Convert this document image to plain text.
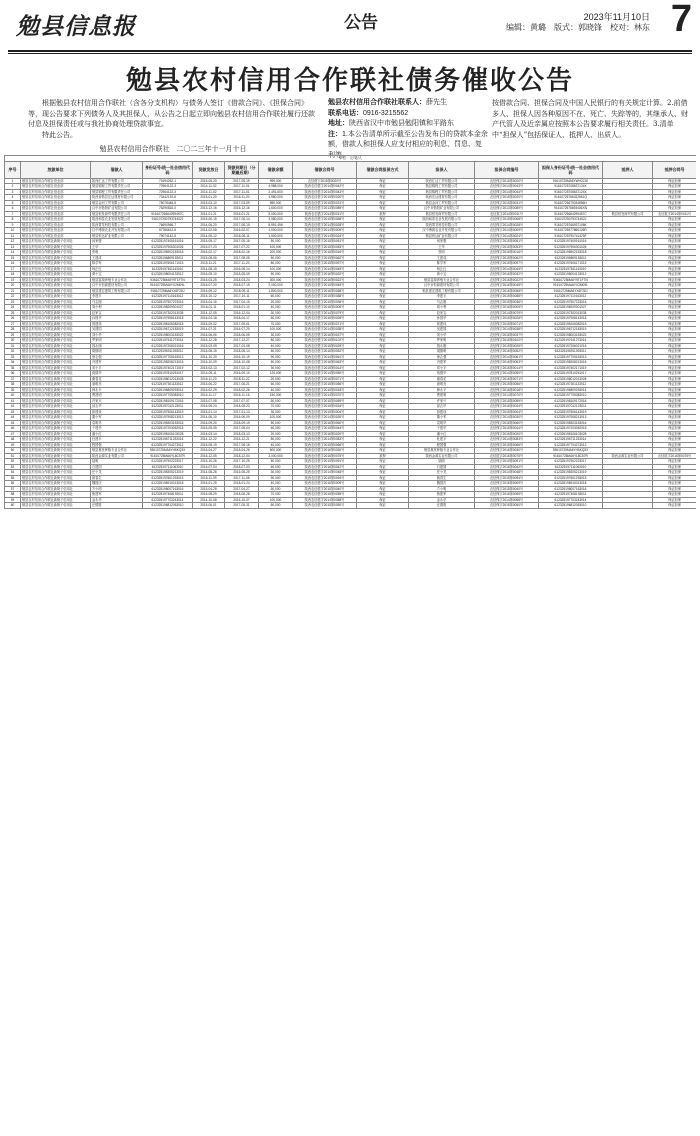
勉县信息报	公告	2023年11月10日
编辑：黄璐　版式：郭晓锋　校对：林东 7
勉县农村信用合作联社债务催收公告

根据勉县农村信用合作联社（含各分支机构）与债务人签订《借款合同》、《担保合同》等，现公告要求下列债务人及其担保人，从公告之日起立即向勉县农村信用合作联社履行还款付息及担保责任或与我社协商处理贷款事宜。

特此公告。

勉县农村信用合作联社　二〇二三年十一月十日

勉县农村信用合作联社联系人：薛先生
联系电话：0916-3215562
地址：陕西省汉中市勉县勉阳镇和平路东
注：1.本公告清单所示截至公告发布日的贷款本金余额，借款人和担保人应支付相应的利息、罚息、复利等。
按借款合同、担保合同及中国人民银行的有关规定计算。2.前借多人、担保人因各种原因不在、死亡、失踪等的，其继承人、财产代管人及近亲属应按照本公告要求履行相关责任。3.清单中“担保人”包括保证人、抵押人、出质人。
单位：元/笔/人													
序号	放款单位	借款人	身份证号/统一社会信用代码	贷款发放日	贷款到期日（分期最后期）	借款余额	借款合同号	借款合同担保方式	担保人	担保合同编号	担保人身份证号/统一社会信用代码	抵押人	抵押合同号
1	勉县农村信用合作联社营业部	陕西汇达工贸有限公司	71694262-1	2015-05-20	2017-05-19	999,000	农信借字2015第0020号	保证	陕西汇达工贸有限公司	农信保字2015第0020号	91610725MA6YWH2J1K		保证担保
2	勉县农村信用合作联社营业部	勉县锦程工贸有限责任公司	72964122-3	2014-11-02	2017-11-01	4,988,000	陕西农信借字2014第0042号	保证	勉县锦程工贸有限公司	农信保字2014第0043号	91610725708637124X		保证担保
3	勉县农村信用合作联社营业部	勉县锦程工贸有限责任公司	72964122-3	2014-11-02	2017-11-01	2,491,600	陕西农信借字2014第0043号	保证	勉县锦程工贸有限公司	农信保字2014第0044号	91610725708637124X		保证担保
4	勉县农村信用合作联社营业部	陕西省勉县宏达建材有限公司	73442132-6	2015-01-20	2016-11-20	1,980,000	陕西农信借字2015第0020号	保证	陕西宏达建材有限公司	农信保字2015第0020号	91610725766322561Q		保证担保
5	勉县农村信用合作联社营业部	勉县金河工贸有限公司	75078446-5	2015-03-10	2017-03-09	980,000	陕西农信借字2015第0031号	保证	勉县金河工贸有限公司	农信保字2015第0031号	91610725670034856H		保证担保
6	勉县农村信用合作联社营业部	汉中市勉阳矿业有限公司	76290816-0	2013-12-16	2016-12-16	1,600,000	陕西农信借字2013第0089号	保证	汉中市勉阳矿业有限公司	农信保字2013第0089号	9161072578693406XN		保证担保
7	勉县农村信用合作联社营业部	勉县恒发商贸有限责任公司	91610725664299457C	2014-01-21	2016-01-21	5,000,000	陕西农信借字2014第0011号	抵押	勉县恒发商贸有限公司	农信抵字2014第0011号	91610725664299457C	勉县恒发商贸有限公司	农信抵字2014第0011号
8	勉县农村信用合作联社营业部	陕西和泰农业发展有限公司	91610725079374402J	2015-06-15	2017-06-14	3,980,000	陕西农信借字2015第0068号	保证	陕西和泰农业发展有限公司	农信保字2015第0068号	91610725079374402J		保证担保
9	勉县农村信用合作联社营业部	陕西菁龙科技有限公司	76690966-7	2014-06-20	2017-06-19	8,991,496	陕西农信借字2014第0028号	保证	陕西菁龙科技有限公司	农信保字2014第0028号	91610725766937106K		保证担保
10	勉县农村信用合作联社营业部	汉中博源农业开发有限公司	57786612-6	2014-02-08	2016-02-07	1,000,000	陕西农信借字2014第0009号	保证	汉中博源农业开发有限公司	农信保字2014第0009号	91610725577866126R		保证担保
11	勉县农村信用合作联社营业部	勉县恒达矿业有限公司	79074142-5	2014-05-12	2016-05-11	1,500,000	陕西农信借字2014第0024号	保证	勉县恒达矿业有限公司	农信保字2014第0024号	91610725790741425F		保证担保
12	勉县农村信用合作联社新街子信用社	何家骏	612325197405161016	2015-05-17	2017-05-16	50,000	陕西农信借字2015第0051号	保证	何家骏	农信保字2015第0051号	612325197405161016		保证担保
13	勉县农村信用合作联社新街子信用社	王华	612325197906301026	2015-07-23	2017-07-22	100,000	陕西农信借字2015第0053号	保证	王华	农信保字2015第0053号	612325197906301026		保证担保
14	勉县农村信用合作联社新街子信用社	张明	612325196902153018	2016-02-17	2018-02-16	200,000	陕西农信借字2016第0016号	保证	张明	农信保字2016第0016号	612325196902153018		保证担保
15	勉县农村信用合作联社新街子信用社	王建成	612325196809153011	2015-08-06	2017-08-05	50,000	陕西农信借字2015第0062号	保证	王建成	农信保字2015第0062号	612325196809153011		保证担保
16	勉县农村信用合作联社新街子信用社	陈学军	612325197606171015	2015-11-21	2017-11-20	80,000	陕西农信借字2015第0097号	保证	陈学军	农信保字2015第0097号	612325197606171015		保证担保
17	勉县农村信用合作联社新街子信用社	杨正红	612325197811143010	2014-08-15	2016-08-14	100,000	陕西农信借字2014第0045号	保证	杨正红	农信保字2014第0045号	612325197811143010		保证担保
18	勉县农村信用合作联社新街子信用社	黄小宝	612325198004133012	2016-05-10	2018-05-09	50,000	陕西农信借字2016第0032号	保证	黄小宝	农信保字2016第0032号	612325198004133012		保证担保
19	勉县农村信用合作联社新街子信用社	勉县富源养殖专业合作社	93610725MA6Y9T1F7N	2016-03-25	2018-03-24	300,000	陕西农信借字2016第0022号	保证	勉县富源养殖专业合作社	农信保字2016第0022号	93610725MA6Y9T1F7N		保证担保
20	勉县农村信用合作联社新街子信用社	汉中市恒源建材有限公司	91610725MA6YX2M09L	2016-07-20	2018-07-19	2,000,000	陕西农信借字2016第0045号	保证	汉中市恒源建材有限公司	农信保字2016第0045号	91610725MA6YX2M09L		保证担保
21	勉县农村信用合作联社新街子信用社	勉县建宏建筑工程有限公司	91610725MA6YX6F28J	2016-09-12	2018-09-11	1,800,000	陕西农信借字2016第0058号	保证	勉县建宏建筑工程有限公司	农信保字2016第0058号	91610725MA6YX6F28J		保证担保
22	勉县农村信用合作联社新街子信用社	李建平	612325197110163012	2015-10-12	2017-10-11	60,000	陕西农信借字2015第0088号	保证	李建平	农信保字2015第0088号	612325197110163012		保证担保
23	勉县农村信用合作联社新街子信用社	马志刚	612325197507223016	2015-04-16	2017-04-15	20,000	陕西农信借字2015第0036号	保证	马志刚	农信保字2015第0036号	612325197507223016		保证担保
24	勉县农村信用合作联社新街子信用社	周小利	612325198209301027	2016-01-11	2018-01-10	40,000	陕西农信借字2016第0005号	保证	周小利	农信保字2016第0005号	612325198209301027		保证担保
25	勉县农村信用合作联社新街子信用社	赵家宝	612325197302013035	2014-12-05	2016-12-04	30,000	陕西农信借字2014第0079号	保证	赵家宝	农信保字2014第0079号	612325197302013035		保证担保
26	勉县农村信用合作联社新街子信用社	孙国华	612325197908143018	2016-04-18	2018-04-17	50,000	陕西农信借字2016第0028号	保证	孙国华	农信保字2016第0028号	612325197908143018		保证担保
27	勉县农村信用合作联社新街子信用社	郭建伟	612325198106082015	2015-09-02	2017-09-01	70,000	陕西农信借字2015第0071号	保证	郭建伟	农信保字2015第0071号	612325198106082015		保证担保
28	勉县农村信用合作联社新街子信用社	吴建国	612325196712183019	2014-07-21	2016-07-20	100,000	陕西农信借字2014第0038号	保证	吴建国	农信保字2014第0038号	612325196712183019		保证担保
29	勉县农村信用合作联社新街子信用社	刘小华	612325198003153022	2016-06-06	2018-06-05	30,000	陕西农信借字2016第0037号	保证	刘小华	农信保字2016第0037号	612325198003153022		保证担保
30	勉县农村信用合作联社新街子信用社	罗家明	612325197611273014	2015-12-28	2017-12-27	80,000	陕西农信借字2015第0102号	保证	罗家明	农信保字2015第0102号	612325197611273014		保证担保
31	勉县农村信用合作联社新街子信用社	钱永刚	612325197206021016	2015-03-09	2017-03-08	40,000	陕西农信借字2015第0025号	保证	钱永刚	农信保字2015第0025号	612325197206021016		保证担保
32	勉县农村信用合作联社新街子信用社	胡德明	612325196911093011	2016-08-15	2018-08-14	60,000	陕西农信借字2016第0052号	保证	胡德明	农信保字2016第0052号	612325196911093011		保证担保
33	勉县农村信用合作联社新街子信用社	徐志强	612325197705163013	2014-10-20	2016-10-19	90,000	陕西农信借字2014第0061号	保证	徐志强	农信保字2014第0061号	612325197705163013		保证担保
34	勉县农村信用合作联社新街子信用社	冯建军	612325198208213016	2016-10-09	2018-10-08	50,000	陕西农信借字2016第0063号	保证	冯建军	农信保字2016第0063号	612325198208213016		保证担保
35	勉县农村信用合作联社新街子信用社	邓小平	612325197402171019	2015-02-13	2017-02-12	30,000	陕西农信借字2015第0014号	保证	邓小平	农信保字2015第0014号	612325197402171019		保证担保
36	勉县农村信用合作联社新街子信用社	蒋德华	612325197810251017	2014-09-11	2016-09-10	120,000	陕西农信借字2014第0050号	保证	蒋德华	农信保字2014第0050号	612325197810251017		保证担保
37	勉县农村信用合作联社新街子信用社	谢春花	612325198012013028	2016-11-23	2018-11-22	20,000	陕西农信借字2016第0071号	保证	谢春花	农信保字2016第0071号	612325198012013028		保证担保
38	勉县农村信用合作联社新街子信用社	唐明亮	612325197301133012	2015-06-22	2017-06-21	60,000	陕西农信借字2015第0056号	保证	唐明亮	农信保字2015第0056号	612325197301133012		保证担保
39	勉县农村信用合作联社新街子信用社	韩永平	612325196809293014	2016-02-29	2018-02-28	40,000	陕西农信借字2016第0018号	保证	韩永平	农信保字2016第0018号	612325196809293014		保证担保
40	勉县农村信用合作联社新街子信用社	曹建明	612325197705083010	2014-11-17	2016-11-16	150,000	陕西农信借字2014第0070号	保证	曹建明	农信保字2014第0070号	612325197705083010		保证担保
41	勉县农村信用合作联社新街子信用社	许家兴	612325198109172016	2015-07-08	2017-07-07	50,000	陕西农信借字2015第0059号	保证	许家兴	农信保字2015第0059号	612325198109172016		保证担保
42	勉县农村信用合作联社新街子信用社	邱志华	612325197012123011	2016-05-24	2018-05-23	70,000	陕西农信借字2016第0034号	保证	邱志华	农信保字2016第0034号	612325197012123011		保证担保
43	勉县农村信用合作联社新街子信用社	彭建设	612325197506143019	2015-01-14	2017-01-13	30,000	陕西农信借字2015第0004号	保证	彭建设	农信保字2015第0004号	612325197506143019		保证担保
44	勉县农村信用合作联社新街子信用社	董小军	612325197908213013	2014-06-10	2016-06-09	100,000	陕西农信借字2014第0030号	保证	董小军	农信保字2014第0030号	612325197908213013		保证担保
45	勉县农村信用合作联社新街子信用社	袁明华	612325198303153016	2016-09-20	2018-09-19	50,000	陕西农信借字2016第0060号	保证	袁明华	农信保字2016第0060号	612325198303153016		保证担保
46	勉县农村信用合作联社新街子信用社	于建华	612325197203052015	2015-05-05	2017-05-04	60,000	陕西农信借字2015第0044号	保证	于建华	农信保字2015第0044号	612325197203052015		保证担保
47	勉县农村信用合作联社新街子信用社	潘小红	612325198106103028	2016-03-14	2018-03-13	20,000	陕西农信借字2016第0020号	保证	潘小红	农信保字2016第0020号	612325198106103028		保证担保
48	勉县农村信用合作联社新街子信用社	杜建平	612325196711233014	2014-12-22	2016-12-21	80,000	陕西农信借字2014第0083号	保证	杜建平	农信保字2014第0083号	612325196711233014		保证担保
49	勉县农村信用合作联社新街子信用社	程国强	612325197704273012	2015-08-19	2017-08-18	40,000	陕西农信借字2015第0066号	保证	程国强	农信保字2015第0066号	612325197704273012		保证担保
50	勉县农村信用合作联社新街子信用社	勉县惠民种植专业合作社	93610725MA6YH5KQ3X	2016-04-27	2018-04-26	500,000	陕西农信借字2016第0030号	保证	勉县惠民种植专业合作社	农信保字2016第0030号	93610725MA6YH5KQ3X		保证担保
51	勉县农村信用合作联社新街子信用社	陕西金源实业有限公司	91610725MA6YL8C57R	2016-12-05	2018-12-04	3,000,000	陕西农信借字2016第0075号	抵押	陕西金源实业有限公司	农信抵字2016第0075号	91610725MA6YL8C57R	陕西金源实业有限公司	农信抵字2016第0075号
52	勉县农村信用合作联社新街子信用社	陆明	612325197902223017	2015-10-26	2017-10-25	50,000	陕西农信借字2015第0091号	保证	陆明	农信保字2015第0091号	612325197902223017		保证担保
53	勉县农村信用合作联社新街子信用社	石建国	612325197111063010	2016-07-04	2018-07-03	60,000	陕西农信借字2016第0042号	保证	石建国	农信保字2016第0042号	612325197111063010		保证担保
54	勉县农村信用合作联社新街子信用社	任小龙	612325198305213019	2014-08-26	2016-08-25	30,000	陕西农信借字2014第0048号	保证	任小龙	农信保字2014第0048号	612325198305213019		保证担保
55	勉县农村信用合作联社新街子信用社	姚春生	612325197601293015	2015-11-09	2017-11-08	90,000	陕西农信借字2015第0094号	保证	姚春生	农信保字2015第0094号	612325197601293015		保证担保
56	勉县农村信用合作联社新街子信用社	魏国庆	612325196910013018	2016-01-25	2018-01-24	40,000	陕西农信借字2016第0009号	保证	魏国庆	农信保字2016第0009号	612325196910013018		保证担保
57	勉县农村信用合作联社新街子信用社	方小明	612325198007163016	2015-04-28	2017-04-27	50,000	陕西农信借字2015第0040号	保证	方小明	农信保字2015第0040号	612325198007163016		保证担保
58	勉县农村信用合作联社新街子信用社	熊建军	612325197408193011	2016-08-29	2018-08-28	70,000	陕西农信借字2016第0055号	保证	熊建军	农信保字2016第0055号	612325197408193011		保证担保
59	勉县农村信用合作联社新街子信用社	金永华	612325197703243014	2014-10-08	2016-10-07	100,000	陕西农信借字2014第0058号	保证	金永华	农信保字2014第0058号	612325197703243014		保证担保
60	勉县农村信用合作联社新街子信用社	汪德胜	612325196812053010	2015-06-01	2017-05-31	60,000	陕西农信借字2015第0050号	保证	汪德胜	农信保字2015第0050号	612325196812053010		保证担保
